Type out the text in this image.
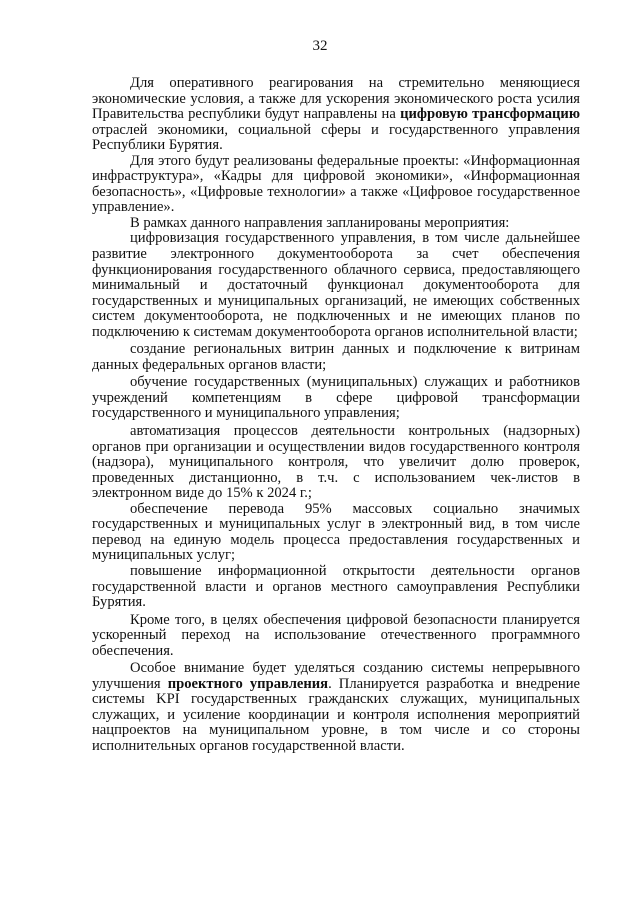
32

Для оперативного реагирования на стремительно меняющиеся экономические условия, а также для ускорения экономического роста усилия Правительства республики будут направлены на цифровую трансформацию отраслей экономики, социальной сферы и государственного управления Республики Бурятия.

Для этого будут реализованы федеральные проекты: «Информационная инфраструктура», «Кадры для цифровой экономики», «Информационная безопасность», «Цифровые технологии» а также «Цифровое государственное управление».

В рамках данного направления запланированы мероприятия:

цифровизация государственного управления, в том числе дальнейшее развитие электронного документооборота за счет обеспечения функционирования государственного облачного сервиса, предоставляющего минимальный и достаточный функционал документооборота для государственных и муниципальных организаций, не имеющих собственных систем документооборота, не подключенных и не имеющих планов по подключению к системам документооборота органов исполнительной власти;

создание региональных витрин данных и подключение к витринам данных федеральных органов власти;

обучение государственных (муниципальных) служащих и работников учреждений компетенциям в сфере цифровой трансформации государственного и муниципального управления;

автоматизация процессов деятельности контрольных (надзорных) органов при организации и осуществлении видов государственного контроля (надзора), муниципального контроля, что увеличит долю проверок, проведенных дистанционно, в т.ч. с использованием чек-листов в электронном виде до 15% к 2024 г.;

обеспечение перевода 95% массовых социально значимых государственных и муниципальных услуг в электронный вид, в том числе перевод на единую модель процесса предоставления государственных и муниципальных услуг;

повышение информационной открытости деятельности органов государственной власти и органов местного самоуправления Республики Бурятия.

Кроме того, в целях обеспечения цифровой безопасности планируется ускоренный переход на использование отечественного программного обеспечения.

Особое внимание будет уделяться созданию системы непрерывного улучшения проектного управления. Планируется разработка и внедрение системы KPI государственных гражданских служащих, муниципальных служащих, и усиление координации и контроля исполнения мероприятий нацпроектов на муниципальном уровне, в том числе и со стороны исполнительных органов государственной власти.
